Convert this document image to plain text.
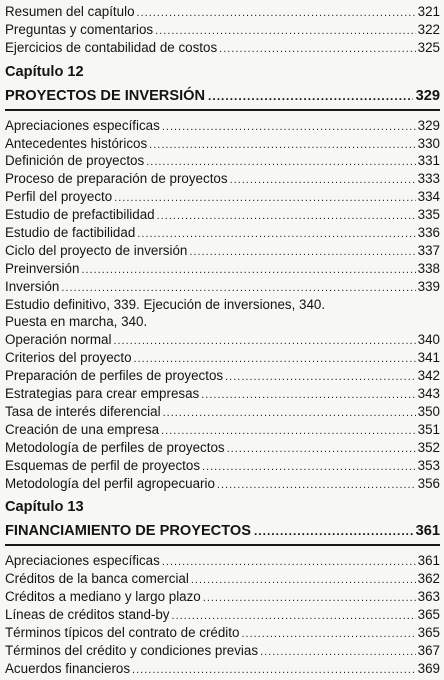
Resumen del capítulo .....	321
Preguntas y comentarios .....	322
Ejercicios de contabilidad de costos .....	325
Capítulo 12
PROYECTOS DE INVERSIÓN .....	329
Apreciaciones específicas .....	329
Antecedentes históricos .....	330
Definición de proyectos .....	331
Proceso de preparación de proyectos .....	333
Perfil del proyecto .....	334
Estudio de prefactibilidad .....	335
Estudio de factibilidad .....	336
Ciclo del proyecto de inversión .....	337
Preinversión .....	338
Inversión .....	339
Estudio definitivo, 339. Ejecución de inversiones, 340.
Puesta en marcha, 340.
Operación normal .....	340
Criterios del proyecto .....	341
Preparación de perfiles de proyectos .....	342
Estrategias para crear empresas .....	343
Tasa de interés diferencial .....	350
Creación de una empresa .....	351
Metodología de perfiles de proyectos .....	352
Esquemas de perfil de proyectos .....	353
Metodología del perfil agropecuario .....	356
Capítulo 13
FINANCIAMIENTO DE PROYECTOS .....	361
Apreciaciones específicas .....	361
Créditos de la banca comercial .....	362
Créditos a mediano y largo plazo .....	363
Líneas de créditos stand-by .....	365
Términos típicos del contrato de crédito .....	365
Términos del crédito y condiciones previas .....	367
Acuerdos financieros .....	369
